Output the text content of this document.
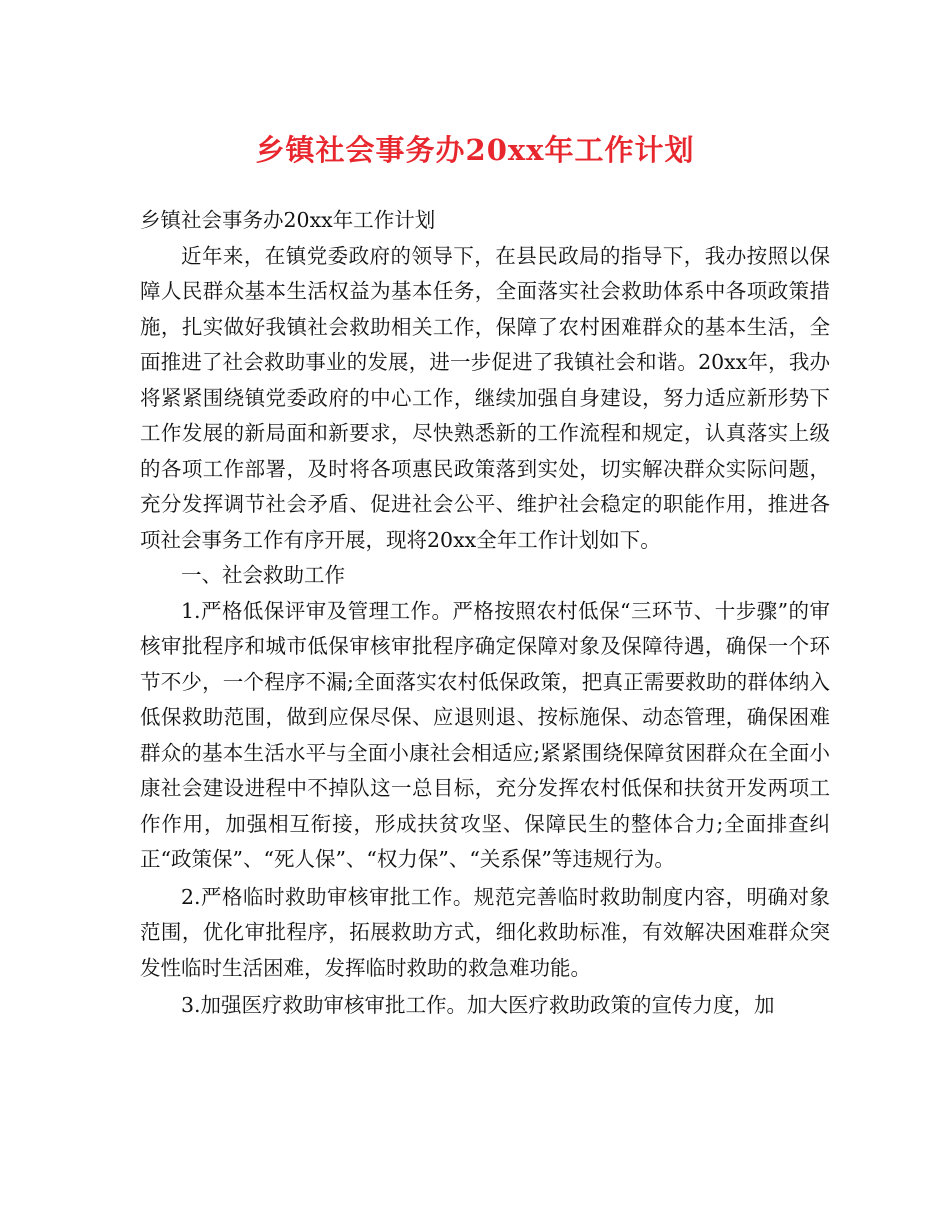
乡镇社会事务办20xx年工作计划

乡镇社会事务办20xx年工作计划

近年来，在镇党委政府的领导下，在县民政局的指导下，我办按照以保障人民群众基本生活权益为基本任务，全面落实社会救助体系中各项政策措施，扎实做好我镇社会救助相关工作，保障了农村困难群众的基本生活，全面推进了社会救助事业的发展，进一步促进了我镇社会和谐。20xx年，我办将紧紧围绕镇党委政府的中心工作，继续加强自身建设，努力适应新形势下工作发展的新局面和新要求，尽快熟悉新的工作流程和规定，认真落实上级的各项工作部署，及时将各项惠民政策落到实处，切实解决群众实际问题，充分发挥调节社会矛盾、促进社会公平、维护社会稳定的职能作用，推进各项社会事务工作有序开展，现将20xx全年工作计划如下。

一、社会救助工作

1.严格低保评审及管理工作。严格按照农村低保“三环节、十步骤”的审核审批程序和城市低保审核审批程序确定保障对象及保障待遇，确保一个环节不少，一个程序不漏;全面落实农村低保政策，把真正需要救助的群体纳入低保救助范围，做到应保尽保、应退则退、按标施保、动态管理，确保困难群众的基本生活水平与全面小康社会相适应;紧紧围绕保障贫困群众在全面小康社会建设进程中不掉队这一总目标，充分发挥农村低保和扶贫开发两项工作作用，加强相互衔接，形成扶贫攻坚、保障民生的整体合力;全面排查纠正“政策保”、“死人保”、“权力保”、“关系保”等违规行为。

2.严格临时救助审核审批工作。规范完善临时救助制度内容，明确对象范围，优化审批程序，拓展救助方式，细化救助标准，有效解决困难群众突发性临时生活困难，发挥临时救助的救急难功能。

3.加强医疗救助审核审批工作。加大医疗救助政策的宣传力度，加
